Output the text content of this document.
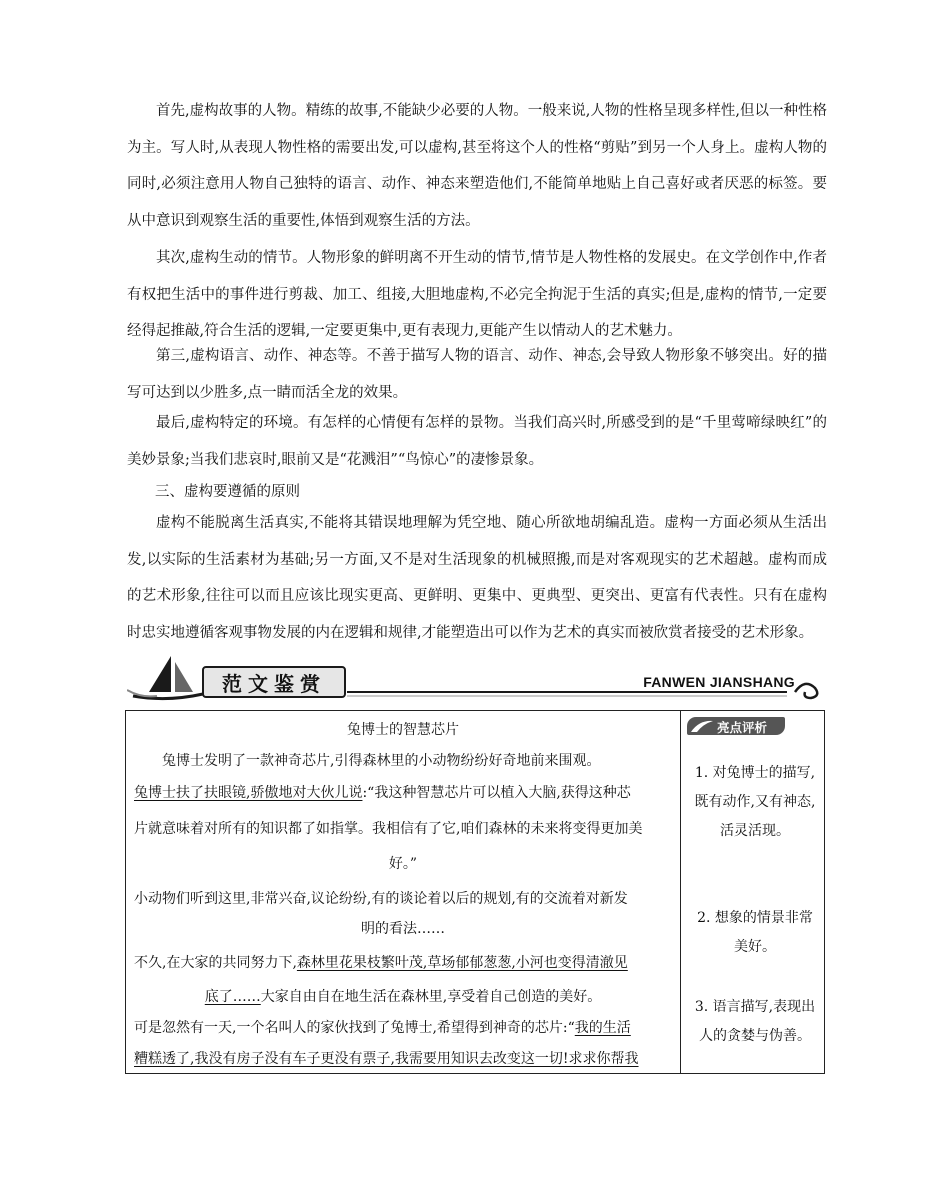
首先,虚构故事的人物。精练的故事,不能缺少必要的人物。一般来说,人物的性格呈现多样性,但以一种性格为主。写人时,从表现人物性格的需要出发,可以虚构,甚至将这个人的性格“剪贴”到另一个人身上。虚构人物的同时,必须注意用人物自己独特的语言、动作、神态来塑造他们,不能简单地贴上自己喜好或者厌恶的标签。要从中意识到观察生活的重要性,体悟到观察生活的方法。

其次,虚构生动的情节。人物形象的鲜明离不开生动的情节,情节是人物性格的发展史。在文学创作中,作者有权把生活中的事件进行剪裁、加工、组接,大胆地虚构,不必完全拘泥于生活的真实;但是,虚构的情节,一定要经得起推敲,符合生活的逻辑,一定要更集中,更有表现力,更能产生以情动人的艺术魅力。

第三,虚构语言、动作、神态等。不善于描写人物的语言、动作、神态,会导致人物形象不够突出。好的描写可达到以少胜多,点一睛而活全龙的效果。

最后,虚构特定的环境。有怎样的心情便有怎样的景物。当我们高兴时,所感受到的是“千里莺啼绿映红”的美妙景象;当我们悲哀时,眼前又是“花溅泪”“鸟惊心”的凄惨景象。

三、虚构要遵循的原则

虚构不能脱离生活真实,不能将其错误地理解为凭空地、随心所欲地胡编乱造。虚构一方面必须从生活出发,以实际的生活素材为基础;另一方面,又不是对生活现象的机械照搬,而是对客观现实的艺术超越。虚构而成的艺术形象,往往可以而且应该比现实更高、更鲜明、更集中、更典型、更突出、更富有代表性。只有在虚构时忠实地遵循客观事物发展的内在逻辑和规律,才能塑造出可以作为艺术的真实而被欣赏者接受的艺术形象。

范文鉴赏	FANWEN JIANSHANG
兔博士的智慧芯片
兔博士发明了一款神奇芯片,引得森林里的小动物纷纷好奇地前来围观。
兔博士扶了扶眼镜,骄傲地对大伙儿说:“我这种智慧芯片可以植入大脑,获得这种芯
片就意味着对所有的知识都了如指掌。我相信有了它,咱们森林的未来将变得更加美
好。”
小动物们听到这里,非常兴奋,议论纷纷,有的谈论着以后的规划,有的交流着对新发
明的看法……
不久,在大家的共同努力下,森林里花果枝繁叶茂,草场郁郁葱葱,小河也变得清澈见
底了……大家自由自在地生活在森林里,享受着自己创造的美好。
可是忽然有一天,一个名叫人的家伙找到了兔博士,希望得到神奇的芯片:“我的生活
糟糕透了,我没有房子没有车子更没有票子,我需要用知识去改变这一切!求求你帮我
亮点评析
1. 对兔博士的描写,既有动作,又有神态,活灵活现。
2. 想象的情景非常美好。
3. 语言描写,表现出人的贪婪与伪善。
